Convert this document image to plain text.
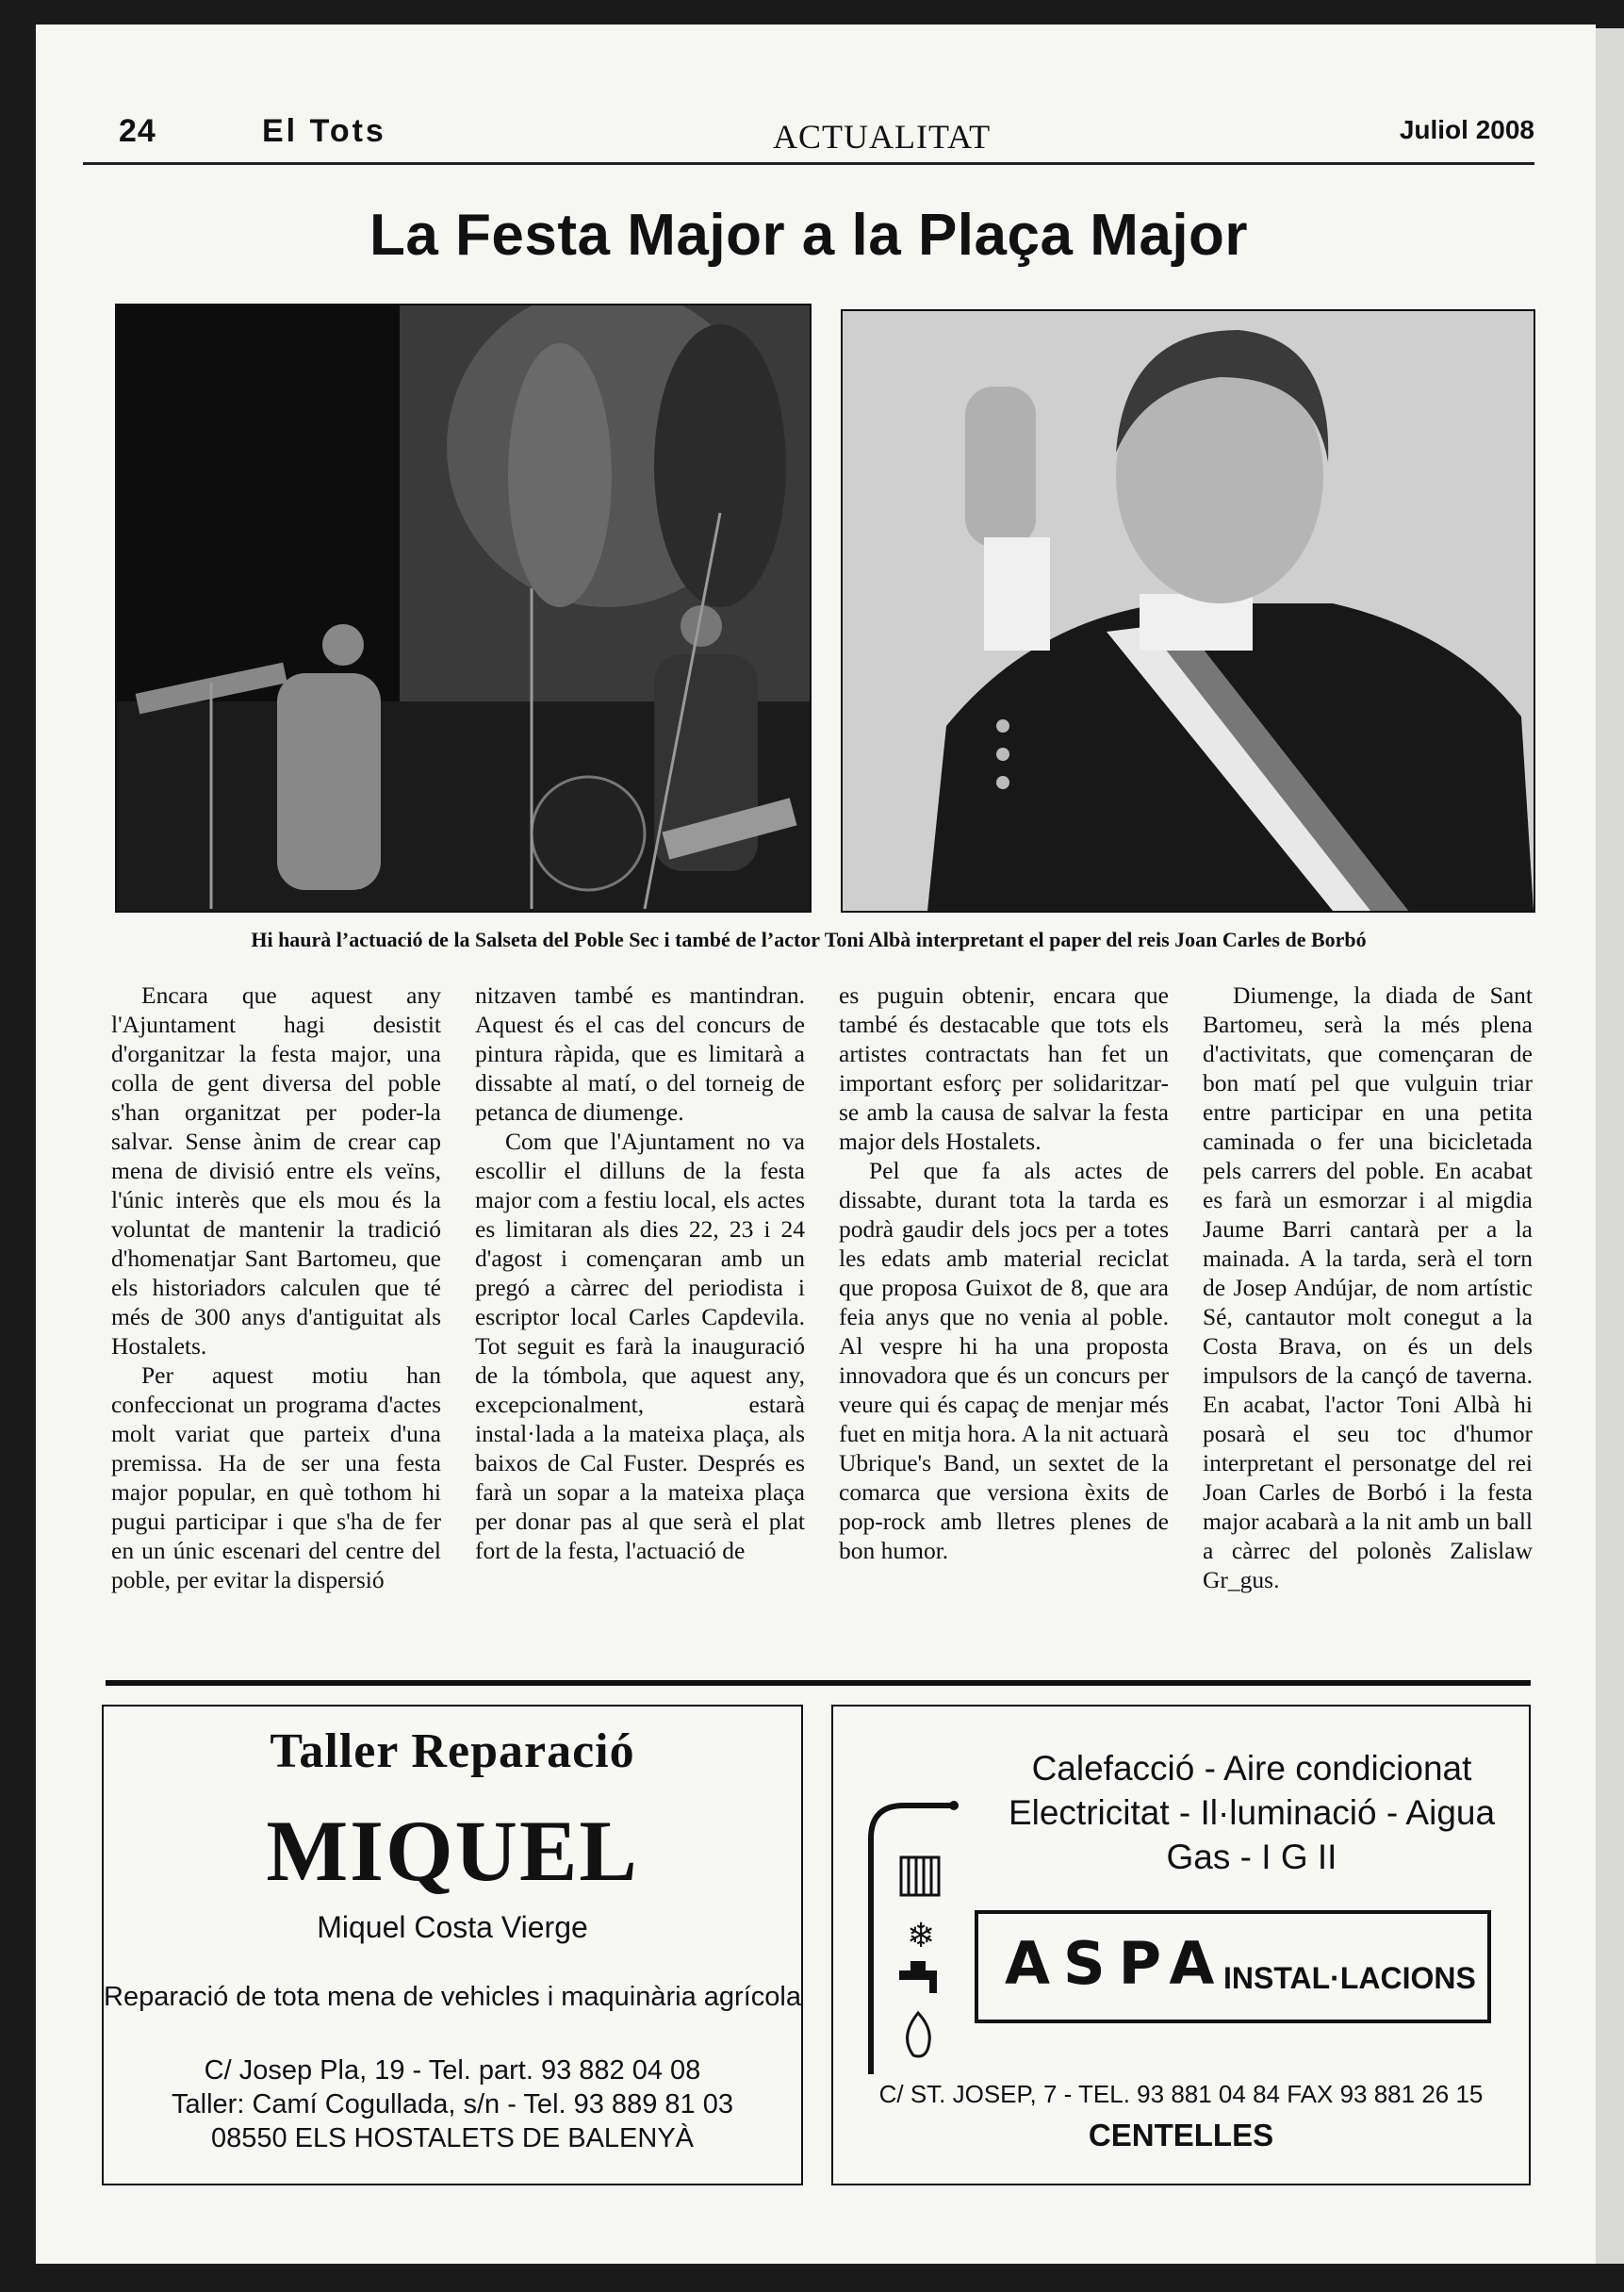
24	El Tots	ACTUALITAT	Juliol 2008
La Festa Major a la Plaça Major
Hi haurà l’actuació de la Salseta del Poble Sec i també de l’actor Toni Albà interpretant el paper del reis Joan Carles de Borbó

Encara que aquest any l'Ajuntament hagi desistit d'organitzar la festa major, una colla de gent diversa del poble s'han organitzat per poder-la salvar. Sense ànim de crear cap mena de divisió entre els veïns, l'únic interès que els mou és la voluntat de mantenir la tradició d'homenatjar Sant Bartomeu, que els historiadors calculen que té més de 300 anys d'antiguitat als Hostalets.

Per aquest motiu han confeccionat un programa d'actes molt variat que parteix d'una premissa. Ha de ser una festa major popular, en què tothom hi pugui participar i que s'ha de fer en un únic escenari del centre del poble, per evitar la dispersió

nitzaven també es mantindran. Aquest és el cas del concurs de pintura ràpida, que es limitarà a dissabte al matí, o del torneig de petanca de diumenge.

Com que l'Ajuntament no va escollir el dilluns de la festa major com a festiu local, els actes es limitaran als dies 22, 23 i 24 d'agost i començaran amb un pregó a càrrec del periodista i escriptor local Carles Capdevila. Tot seguit es farà la inauguració de la tómbola, que aquest any, excepcionalment, estarà instal·lada a la mateixa plaça, als baixos de Cal Fuster. Després es farà un sopar a la mateixa plaça per donar pas al que serà el plat fort de la festa, l'actuació de

es puguin obtenir, encara que també és destacable que tots els artistes contractats han fet un important esforç per solidaritzar-se amb la causa de salvar la festa major dels Hostalets.

Pel que fa als actes de dissabte, durant tota la tarda es podrà gaudir dels jocs per a totes les edats amb material reciclat que proposa Guixot de 8, que ara feia anys que no venia al poble. Al vespre hi ha una proposta innovadora que és un concurs per veure qui és capaç de menjar més fuet en mitja hora. A la nit actuarà Ubrique's Band, un sextet de la comarca que versiona èxits de pop-rock amb lletres plenes de bon humor.

Diumenge, la diada de Sant Bartomeu, serà la més plena d'activitats, que començaran de bon matí pel que vulguin triar entre participar en una petita caminada o fer una bicicletada pels carrers del poble. En acabat es farà un esmorzar i al migdia Jaume Barri cantarà per a la mainada. A la tarda, serà el torn de Josep Andújar, de nom artístic Sé, cantautor molt conegut a la Costa Brava, on és un dels impulsors de la cançó de taverna. En acabat, l'actor Toni Albà hi posarà el seu toc d'humor interpretant el personatge del rei Joan Carles de Borbó i la festa major acabarà a la nit amb un ball a càrrec del polonès Zalislaw Gr_gus.

Taller Reparació
MIQUEL
Miquel Costa Vierge
Reparació de tota mena de vehicles i maquinària agrícola
C/ Josep Pla, 19 - Tel. part. 93 882 04 08
Taller: Camí Cogullada, s/n - Tel. 93 889 81 03
08550 ELS HOSTALETS DE BALENYÀ
Calefacció - Aire condicionat
Electricitat - Il·luminació - Aigua
Gas - I G II
❄ ASPA
INSTAL·LACIONS
C/ ST. JOSEP, 7 - TEL. 93 881 04 84 FAX 93 881 26 15
CENTELLES
